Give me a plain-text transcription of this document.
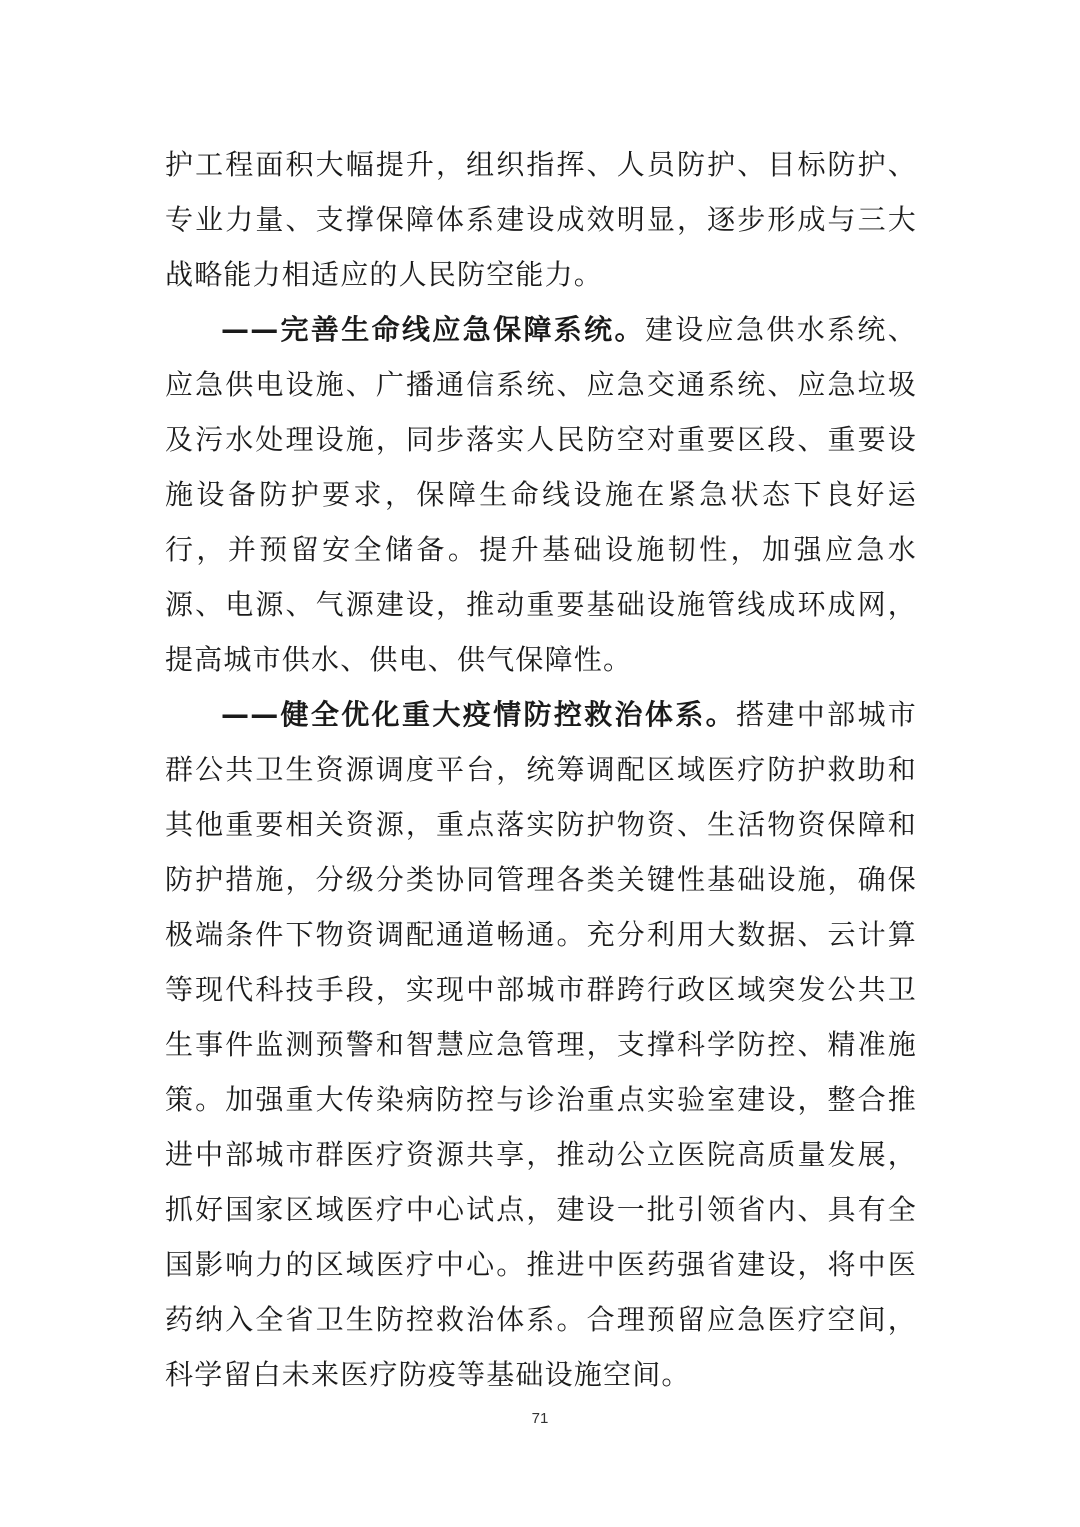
护工程面积大幅提升，组织指挥、人员防护、目标防护、专业力量、支撑保障体系建设成效明显，逐步形成与三大战略能力相适应的人民防空能力。

——完善生命线应急保障系统。建设应急供水系统、应急供电设施、广播通信系统、应急交通系统、应急垃圾及污水处理设施，同步落实人民防空对重要区段、重要设施设备防护要求，保障生命线设施在紧急状态下良好运行，并预留安全储备。提升基础设施韧性，加强应急水源、电源、气源建设，推动重要基础设施管线成环成网，提高城市供水、供电、供气保障性。

——健全优化重大疫情防控救治体系。搭建中部城市群公共卫生资源调度平台，统筹调配区域医疗防护救助和其他重要相关资源，重点落实防护物资、生活物资保障和防护措施，分级分类协同管理各类关键性基础设施，确保极端条件下物资调配通道畅通。充分利用大数据、云计算等现代科技手段，实现中部城市群跨行政区域突发公共卫生事件监测预警和智慧应急管理，支撑科学防控、精准施策。加强重大传染病防控与诊治重点实验室建设，整合推进中部城市群医疗资源共享，推动公立医院高质量发展，抓好国家区域医疗中心试点，建设一批引领省内、具有全国影响力的区域医疗中心。推进中医药强省建设，将中医药纳入全省卫生防控救治体系。合理预留应急医疗空间，科学留白未来医疗防疫等基础设施空间。

71
